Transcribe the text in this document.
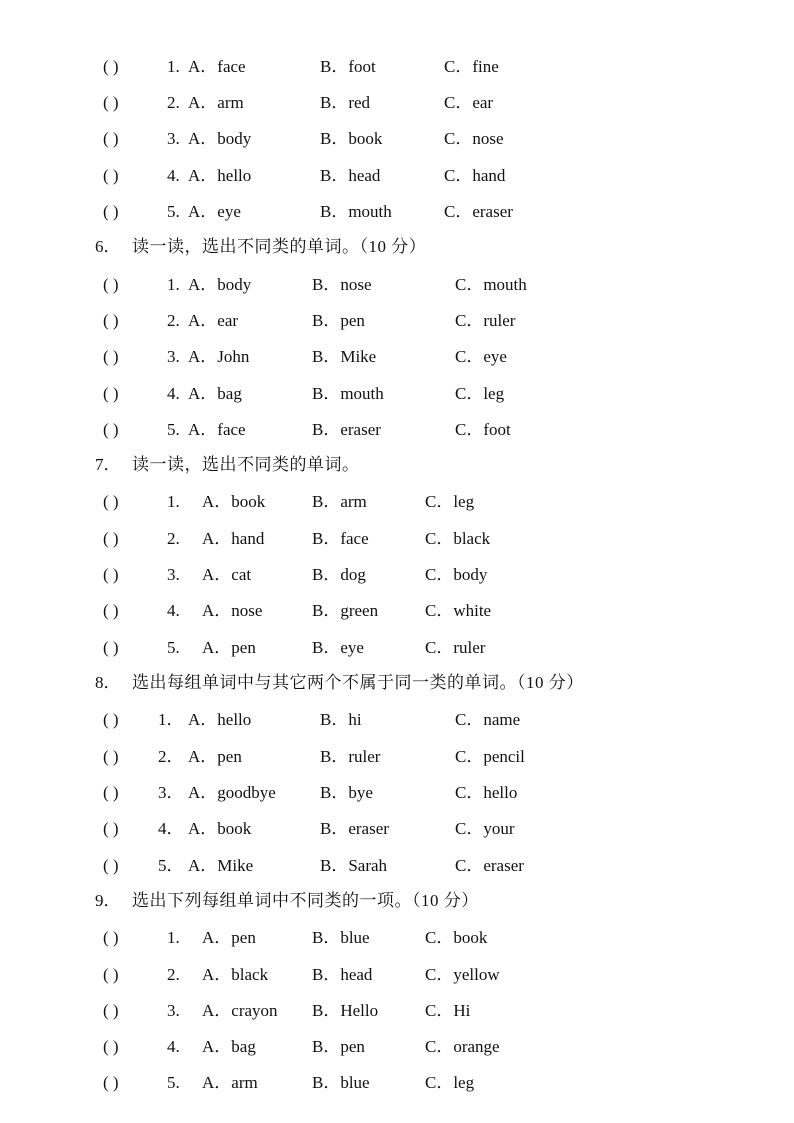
( )	1. A．face	B．foot	C．fine
( )	2. A．arm	B．red	C．ear
( )	3. A．body	B．book	C．nose
( )	4. A．hello	B．head	C．hand
( )	5. A．eye	B．mouth	C．eraser
6． 读一读，选出不同类的单词。（10 分）
( )	1. A．body	B．nose	C．mouth
( )	2. A．ear	B．pen	C．ruler
( )	3. A．John	B．Mike	C．eye
( )	4. A．bag	B．mouth	C．leg
( )	5. A．face	B．eraser	C．foot
7． 读一读，选出不同类的单词。
( )	1. A．book	B．arm	C．leg
( )	2. A．hand	B．face	C．black
( )	3. A．cat	B．dog	C．body
( )	4. A．nose	B．green	C．white
( )	5. A．pen	B．eye	C．ruler
8． 选出每组单词中与其它两个不属于同一类的单词。（10 分）
( ) 1． A．hello	B．hi	C．name
( ) 2． A．pen	B．ruler	C．pencil
( ) 3． A．goodbye	B．bye	C．hello
( ) 4． A．book	B．eraser	C．your
( ) 5． A．Mike	B．Sarah	C．eraser
9． 选出下列每组单词中不同类的一项。（10 分）
( )	1. A．pen	B．blue	C．book
( )	2. A．black	B．head	C．yellow
( )	3. A．crayon B．Hello	C．Hi
( )	4. A．bag	B．pen	C．orange
( )	5. A．arm	B．blue	C．leg
